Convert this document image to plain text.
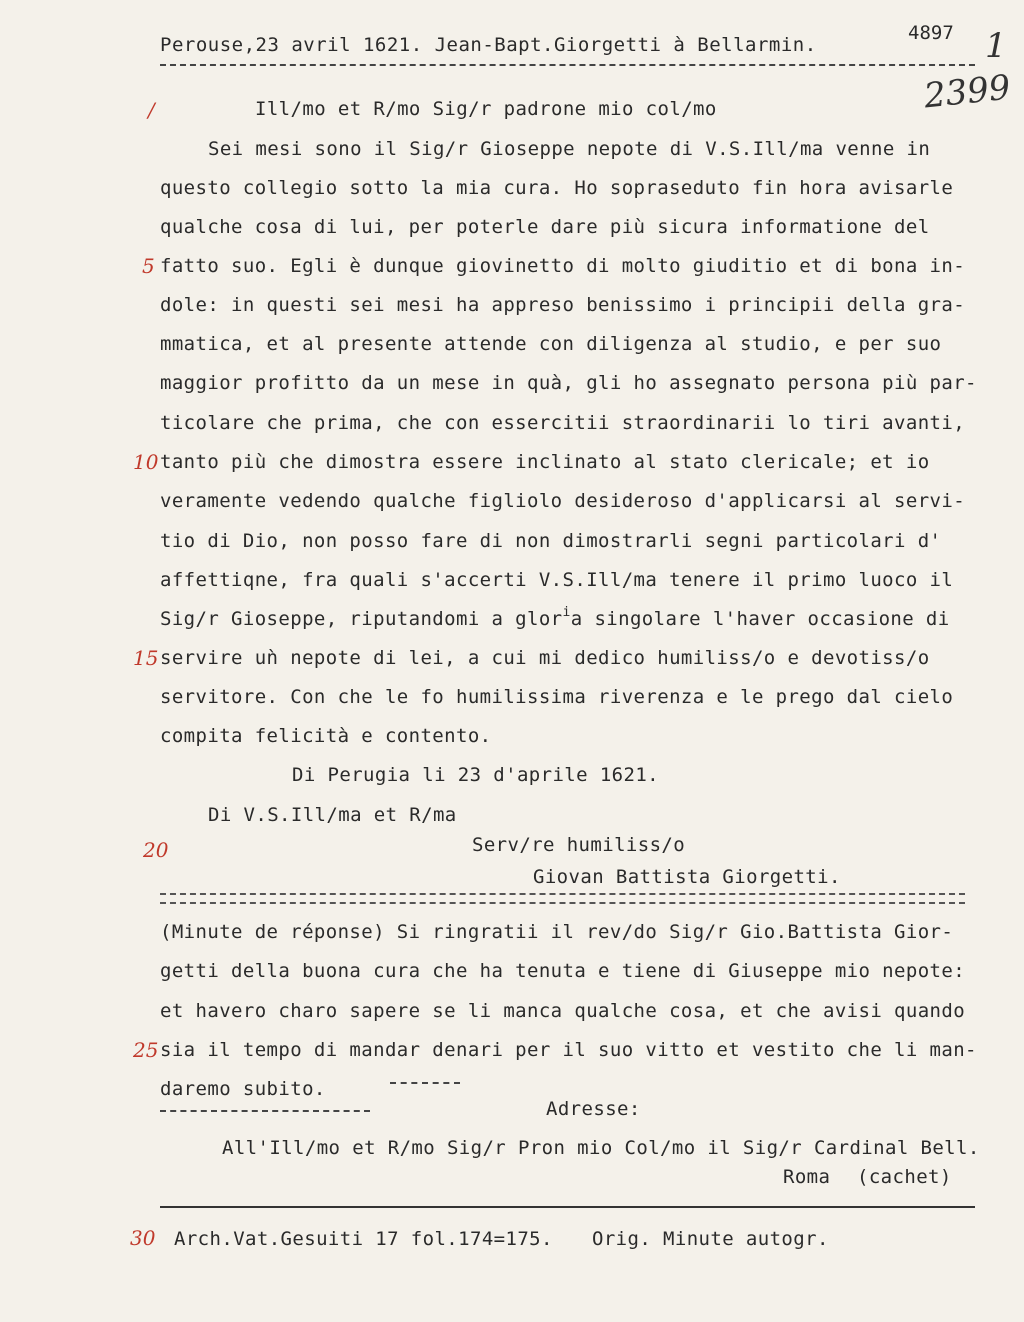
Perouse,23 avril 1621. Jean-Bapt.Giorgetti à Bellarmin.
4897 1
2399
/
5
10
15
20
25
30
Ill/mo et R/mo Sig/r padrone mio col/mo
Sei mesi sono il Sig/r Gioseppe nepote di V.S.Ill/ma venne in
questo collegio sotto la mia cura. Ho sopraseduto fin hora avisarle
qualche cosa di lui, per poterle dare più sicura informatione del
fatto suo. Egli è dunque giovinetto di molto giuditio et di bona in-
dole: in questi sei mesi ha appreso benissimo i principii della gra-
mmatica, et al presente attende con diligenza al studio, e per suo
maggior profitto da un mese in quà, gli ho assegnato persona più par-
ticolare che prima, che con essercitii straordinarii lo tiri avanti,
tanto più che dimostra essere inclinato al stato clericale; et io
veramente vedendo qualche figliolo desideroso d'applicarsi al servi-
tio di Dio, non posso fare di non dimostrarli segni particolari d'
affettiqne, fra quali s'accerti V.S.Ill/ma tenere il primo luoco il
Sig/r Gioseppe, riputandomi a glor$^i$a singolare l'haver occasione di
servire uǹ nepote di lei, a cui mi dedico humiliss/o e devotiss/o
servitore. Con che le fo humilissima riverenza e le prego dal cielo
compita felicità e contento.
Di Perugia li 23 d'aprile 1621.
Di V.S.Ill/ma et R/ma
Serv/re humiliss/o
Giovan Battista Giorgetti.
(Minute de réponse) Si ringratii il rev/do Sig/r Gio.Battista Gior-
getti della buona cura che ha tenuta e tiene di Giuseppe mio nepote:
et havero charo sapere se li manca qualche cosa, et che avisi quando
sia il tempo di mandar denari per il suo vitto et vestito che li man-
daremo subito.
Adresse:
All'Ill/mo et R/mo Sig/r Pron mio Col/mo il Sig/r Cardinal Bell.
Roma (cachet)
Arch.Vat.Gesuiti 17 fol.174=175. Orig. Minute autogr.
